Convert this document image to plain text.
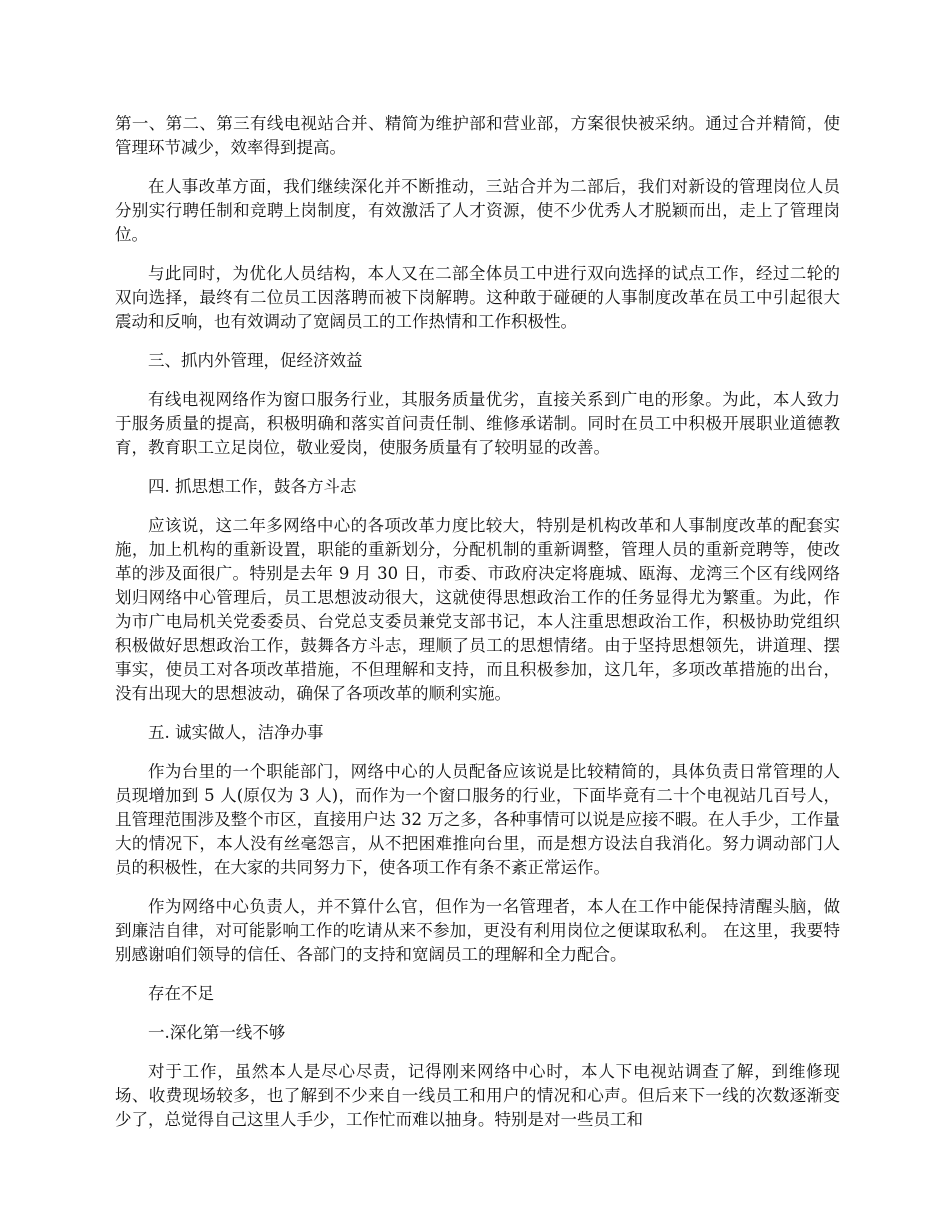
第一、第二、第三有线电视站合并、精简为维护部和营业部，方案很快被采纳。通过合并精简，使管理环节减少，效率得到提高。

在人事改革方面，我们继续深化并不断推动，三站合并为二部后，我们对新设的管理岗位人员分别实行聘任制和竞聘上岗制度，有效激活了人才资源，使不少优秀人才脱颖而出，走上了管理岗位。

与此同时，为优化人员结构，本人又在二部全体员工中进行双向选择的试点工作，经过二轮的双向选择，最终有二位员工因落聘而被下岗解聘。这种敢于碰硬的人事制度改革在员工中引起很大震动和反响，也有效调动了宽阔员工的工作热情和工作积极性。

三、抓内外管理，促经济效益

有线电视网络作为窗口服务行业，其服务质量优劣，直接关系到广电的形象。为此，本人致力于服务质量的提高，积极明确和落实首问责任制、维修承诺制。同时在员工中积极开展职业道德教育，教育职工立足岗位，敬业爱岗，使服务质量有了较明显的改善。

四. 抓思想工作，鼓各方斗志

应该说，这二年多网络中心的各项改革力度比较大，特别是机构改革和人事制度改革的配套实施，加上机构的重新设置，职能的重新划分，分配机制的重新调整，管理人员的重新竞聘等，使改革的涉及面很广。特别是去年 9 月 30 日，市委、市政府决定将鹿城、瓯海、龙湾三个区有线网络划归网络中心管理后，员工思想波动很大，这就使得思想政治工作的任务显得尤为繁重。为此，作为市广电局机关党委委员、台党总支委员兼党支部书记，本人注重思想政治工作，积极协助党组织积极做好思想政治工作，鼓舞各方斗志，理顺了员工的思想情绪。由于坚持思想领先，讲道理、摆事实，使员工对各项改革措施，不但理解和支持，而且积极参加，这几年，多项改革措施的出台，没有出现大的思想波动，确保了各项改革的顺利实施。

五. 诚实做人，洁净办事

作为台里的一个职能部门，网络中心的人员配备应该说是比较精简的，具体负责日常管理的人员现增加到 5 人(原仅为 3 人)，而作为一个窗口服务的行业，下面毕竟有二十个电视站几百号人，且管理范围涉及整个市区，直接用户达 32 万之多，各种事情可以说是应接不暇。在人手少，工作量大的情况下，本人没有丝毫怨言，从不把困难推向台里，而是想方设法自我消化。努力调动部门人员的积极性，在大家的共同努力下，使各项工作有条不紊正常运作。

作为网络中心负责人，并不算什么官，但作为一名管理者，本人在工作中能保持清醒头脑，做到廉洁自律，对可能影响工作的吃请从来不参加，更没有利用岗位之便谋取私利。 在这里，我要特别感谢咱们领导的信任、各部门的支持和宽阔员工的理解和全力配合。

存在不足

一.深化第一线不够

对于工作，虽然本人是尽心尽责，记得刚来网络中心时，本人下电视站调查了解，到维修现场、收费现场较多，也了解到不少来自一线员工和用户的情况和心声。但后来下一线的次数逐渐变少了，总觉得自己这里人手少，工作忙而难以抽身。特别是对一些员工和
